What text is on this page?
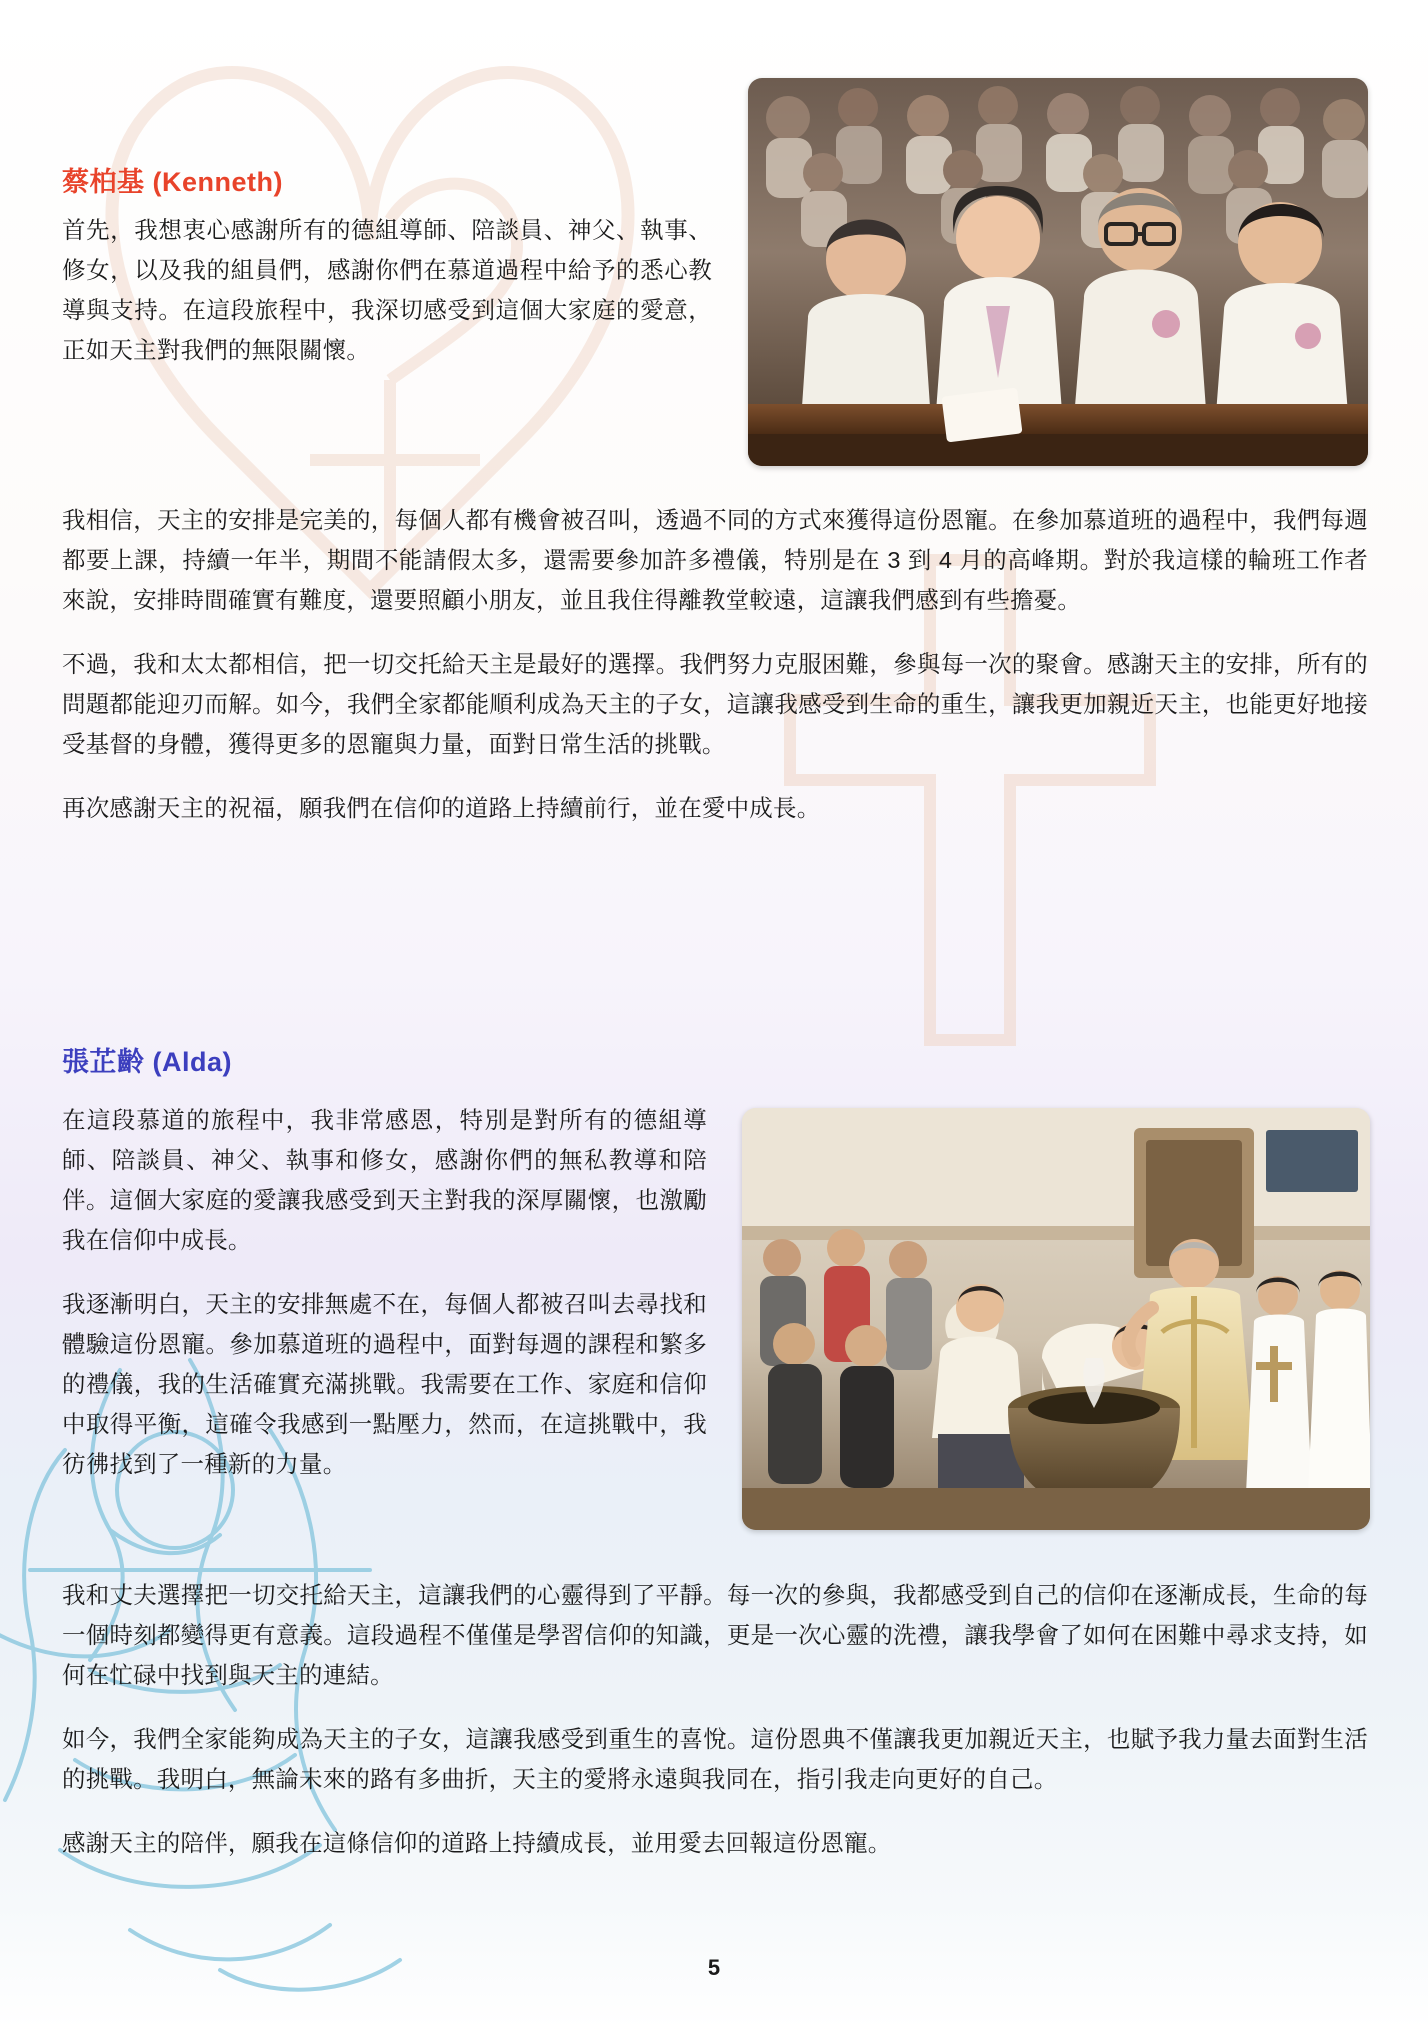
蔡柏基 (Kenneth)

首先，我想衷心感謝所有的德組導師、陪談員、神父、執事、修女，以及我的組員們，感謝你們在慕道過程中給予的悉心教導與支持。在這段旅程中，我深切感受到這個大家庭的愛意，正如天主對我們的無限關懷。

我相信，天主的安排是完美的，每個人都有機會被召叫，透過不同的方式來獲得這份恩寵。在參加慕道班的過程中，我們每週都要上課，持續一年半，期間不能請假太多，還需要參加許多禮儀，特別是在 3 到 4 月的高峰期。對於我這樣的輪班工作者來說，安排時間確實有難度，還要照顧小朋友，並且我住得離教堂較遠，這讓我們感到有些擔憂。

不過，我和太太都相信，把一切交托給天主是最好的選擇。我們努力克服困難，參與每一次的聚會。感謝天主的安排，所有的問題都能迎刃而解。如今，我們全家都能順利成為天主的子女，這讓我感受到生命的重生，讓我更加親近天主，也能更好地接受基督的身體，獲得更多的恩寵與力量，面對日常生活的挑戰。

再次感謝天主的祝福，願我們在信仰的道路上持續前行，並在愛中成長。

張芷齡 (Alda)

在這段慕道的旅程中，我非常感恩，特別是對所有的德組導師、陪談員、神父、執事和修女，感謝你們的無私教導和陪伴。這個大家庭的愛讓我感受到天主對我的深厚關懷，也激勵我在信仰中成長。

我逐漸明白，天主的安排無處不在，每個人都被召叫去尋找和體驗這份恩寵。參加慕道班的過程中，面對每週的課程和繁多的禮儀，我的生活確實充滿挑戰。我需要在工作、家庭和信仰中取得平衡，這確令我感到一點壓力，然而，在這挑戰中，我彷彿找到了一種新的力量。

我和丈夫選擇把一切交托給天主，這讓我們的心靈得到了平靜。每一次的參與，我都感受到自己的信仰在逐漸成長，生命的每一個時刻都變得更有意義。這段過程不僅僅是學習信仰的知識，更是一次心靈的洗禮，讓我學會了如何在困難中尋求支持，如何在忙碌中找到與天主的連結。

如今，我們全家能夠成為天主的子女，這讓我感受到重生的喜悅。這份恩典不僅讓我更加親近天主，也賦予我力量去面對生活的挑戰。我明白，無論未來的路有多曲折，天主的愛將永遠與我同在，指引我走向更好的自己。

感謝天主的陪伴，願我在這條信仰的道路上持續成長，並用愛去回報這份恩寵。

5
